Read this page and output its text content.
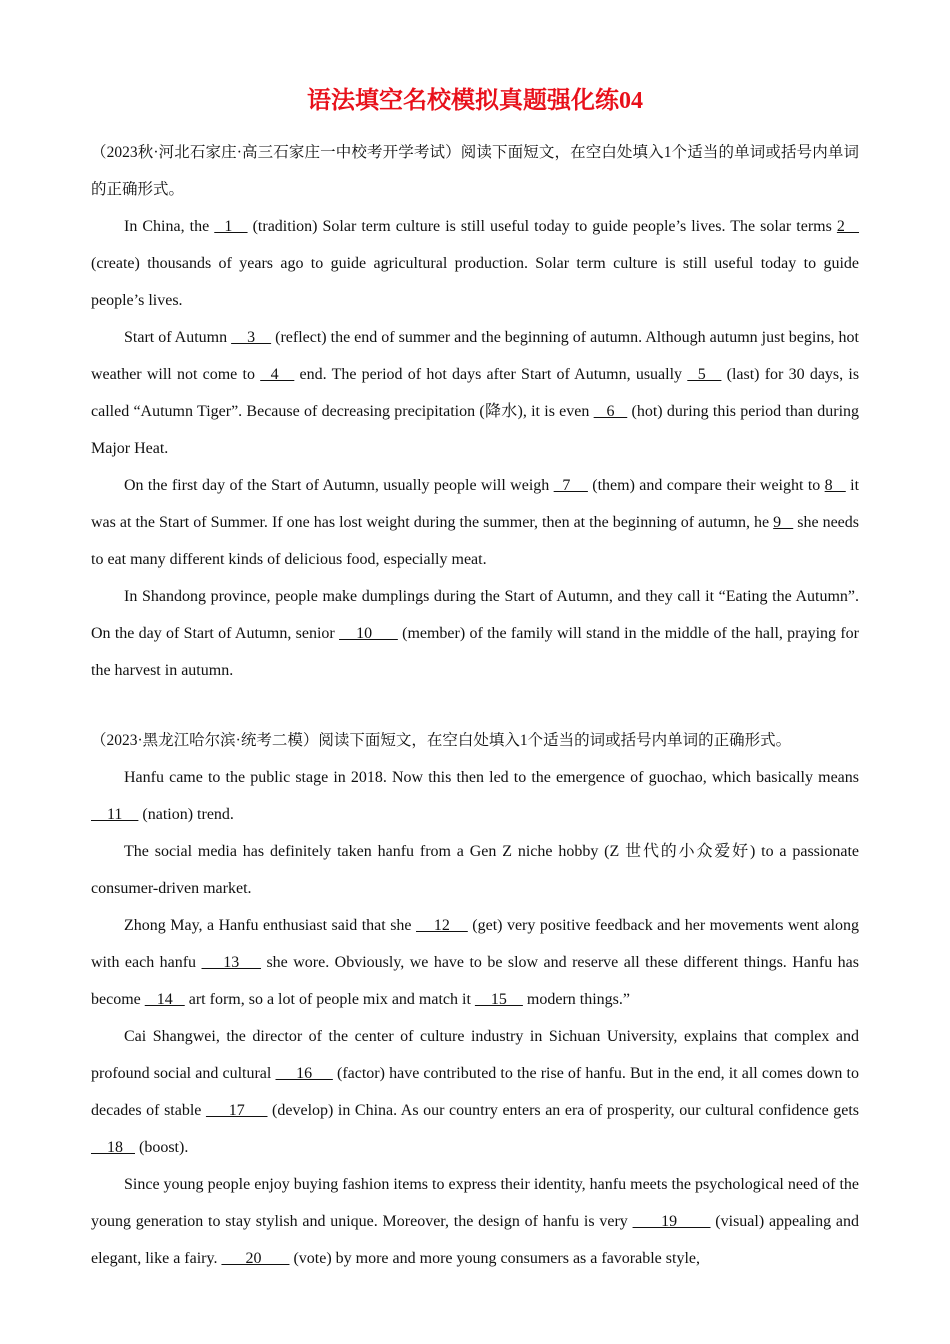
语法填空名校模拟真题强化练04

（2023秋·河北石家庄·高三石家庄一中校考开学考试）阅读下面短文，在空白处填入1个适当的单词或括号内单词的正确形式。

In China, the   1    (tradition) Solar term culture is still useful today to guide people’s lives. The solar terms 2    (create) thousands of years ago to guide agricultural production. Solar term culture is still useful today to guide people’s lives.

Start of Autumn     3     (reflect) the end of summer and the beginning of autumn. Although autumn just begins, hot weather will not come to   4    end. The period of hot days after Start of Autumn, usually   5    (last) for 30 days, is called “Autumn Tiger”. Because of decreasing precipitation (降水), it is even    6    (hot) during this period than during Major Heat.

On the first day of the Start of Autumn, usually people will weigh   7     (them) and compare their weight to 8    it was at the Start of Summer. If one has lost weight during the summer, then at the beginning of autumn, he 9    she needs to eat many different kinds of delicious food, especially meat.

In Shandong province, people make dumplings during the Start of Autumn, and they call it “Eating the Autumn”. On the day of Start of Autumn, senior     10       (member) of the family will stand in the middle of the hall, praying for the harvest in autumn.

（2023·黑龙江哈尔滨·统考二模）阅读下面短文，在空白处填入1个适当的词或括号内单词的正确形式。

Hanfu came to the public stage in 2018. Now this then led to the emergence of guochao, which basically means     11     (nation) trend.

The social media has definitely taken hanfu from a Gen Z niche hobby (Z 世代的小众爱好) to a passionate consumer-driven market.

Zhong May, a Hanfu enthusiast said that she     12     (get) very positive feedback and her movements went along with each hanfu     13     she wore. Obviously, we have to be slow and reserve all these different things. Hanfu has become    14    art form, so a lot of people mix and match it     15     modern things.”

Cai Shangwei, the director of the center of culture industry in Sichuan University, explains that complex and profound social and cultural      16      (factor) have contributed to the rise of hanfu. But in the end, it all comes down to decades of stable      17      (develop) in China. As our country enters an era of prosperity, our cultural confidence gets     18    (boost).

Since young people enjoy buying fashion items to express their identity, hanfu meets the psychological need of the young generation to stay stylish and unique. Moreover, the design of hanfu is very       19        (visual) appealing and elegant, like a fairy.       20        (vote) by more and more young consumers as a favorable style,
